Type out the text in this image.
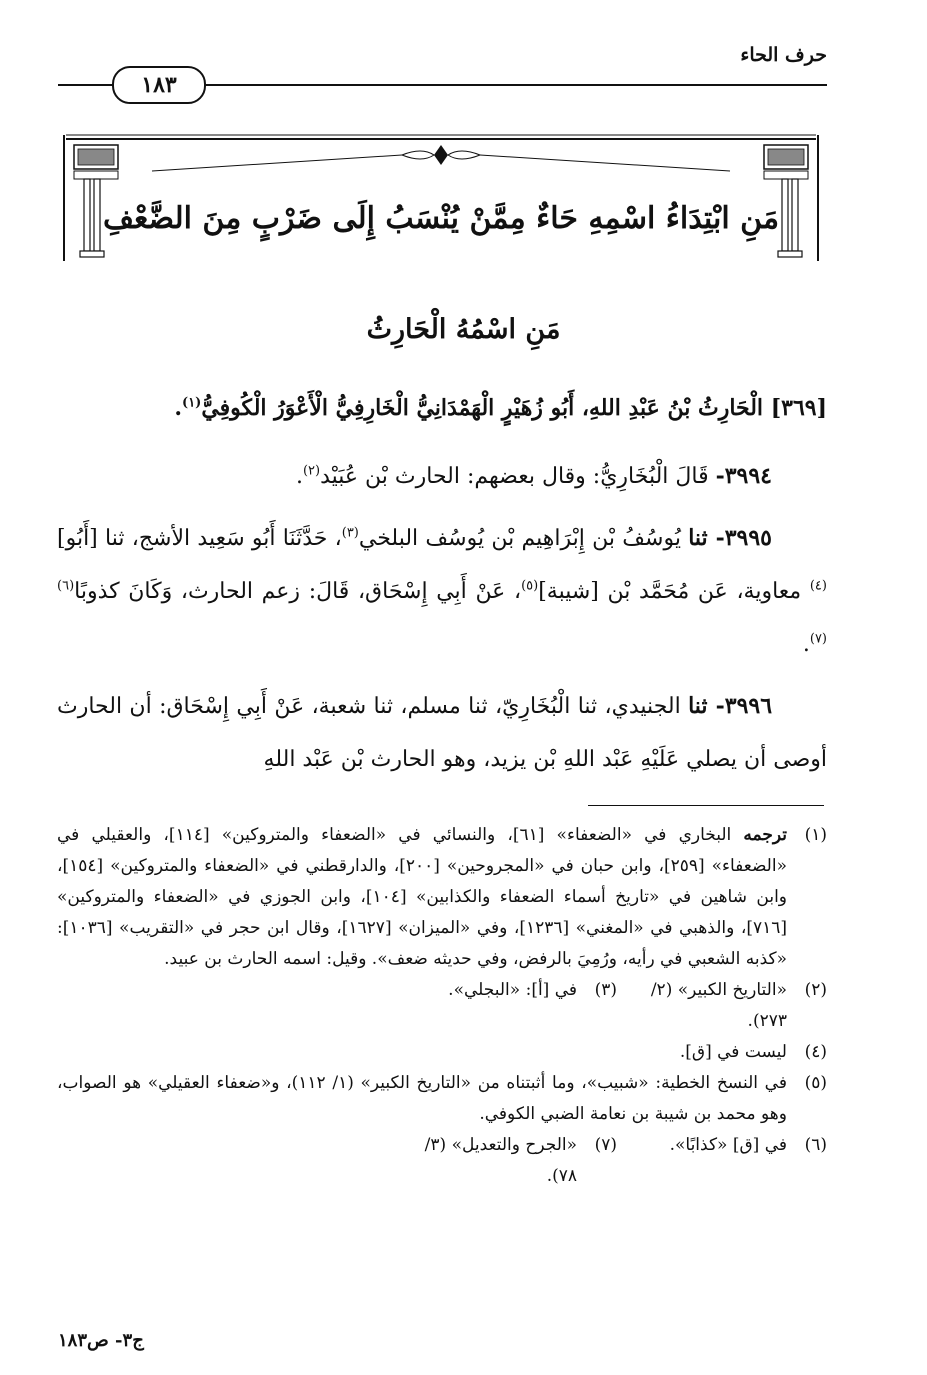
حرف الحاء
١٨٣
مَنِ ابْتِدَاءُ اسْمِهِ حَاءٌ مِمَّنْ يُنْسَبُ إِلَى ضَرْبٍ مِنَ الضَّعْفِ
مَنِ اسْمُهُ الْحَارِثُ
[٣٦٩] الْحَارِثُ بْنُ عَبْدِ اللهِ، أَبُو زُهَيْرٍ الْهَمْدَانِيُّ الْخَارِفِيُّ الْأَعْوَرُ الْكُوفِيُّ$^{(١)}$.

٣٩٩٤- قَالَ الْبُخَارِيُّ: وقال بعضهم: الحارث بْن عُبَيْد$^{(٢)}$.

٣٩٩٥- ثنا يُوسُفُ بْن إِبْرَاهِيم بْن يُوسُف البلخي$^{(٣)}$، حَدَّثَنَا أَبُو سَعِيد الأشج، ثنا [أَبُو]$^{(٤)}$ معاوية، عَن مُحَمَّد بْن [شيبة]$^{(٥)}$، عَنْ أَبِي إِسْحَاق، قَالَ: زعم الحارث، وَكَانَ كذوبًا$^{(٦)(٧)}$.

٣٩٩٦- ثنا الجنيدي، ثنا الْبُخَارِيّ، ثنا مسلم، ثنا شعبة، عَنْ أَبِي إِسْحَاق: أن الحارث أوصى أن يصلي عَلَيْهِ عَبْد اللهِ بْن يزيد، وهو الحارث بْن عَبْد اللهِ

(١)
ترجمه البخاري في «الضعفاء» [٦١]، والنسائي في «الضعفاء والمتروكين» [١١٤]، والعقيلي في «الضعفاء» [٢٥٩]، وابن حبان في «المجروحين» [٢٠٠]، والدارقطني في «الضعفاء والمتروكين» [١٥٤]، وابن شاهين في «تاريخ أسماء الضعفاء والكذابين» [١٠٤]، وابن الجوزي في «الضعفاء والمتروكين» [٧١٦]، والذهبي في «المغني» [١٢٣٦]، وفي «الميزان» [١٦٢٧]، وقال ابن حجر في «التقريب» [١٠٣٦]: «كذبه الشعبي في رأيه، ورُمِيَ بالرفض، وفي حديثه ضعف». وقيل: اسمه الحارث بن عبيد.
(٢)
«التاريخ الكبير» (٢/ ٢٧٣).
(٣)
في [أ]: «البجلي».
(٤)
ليست في [ق].
(٥)
في النسخ الخطية: «شبيب»، وما أثبتناه من «التاريخ الكبير» (١/ ١١٢)، و«ضعفاء العقيلي» هو الصواب، وهو محمد بن شيبة بن نعامة الضبي الكوفي.
(٦)
في [ق] «كذابًا».
(٧)
«الجرح والتعديل» (٣/ ٧٨).
ج٣- ص١٨٣
